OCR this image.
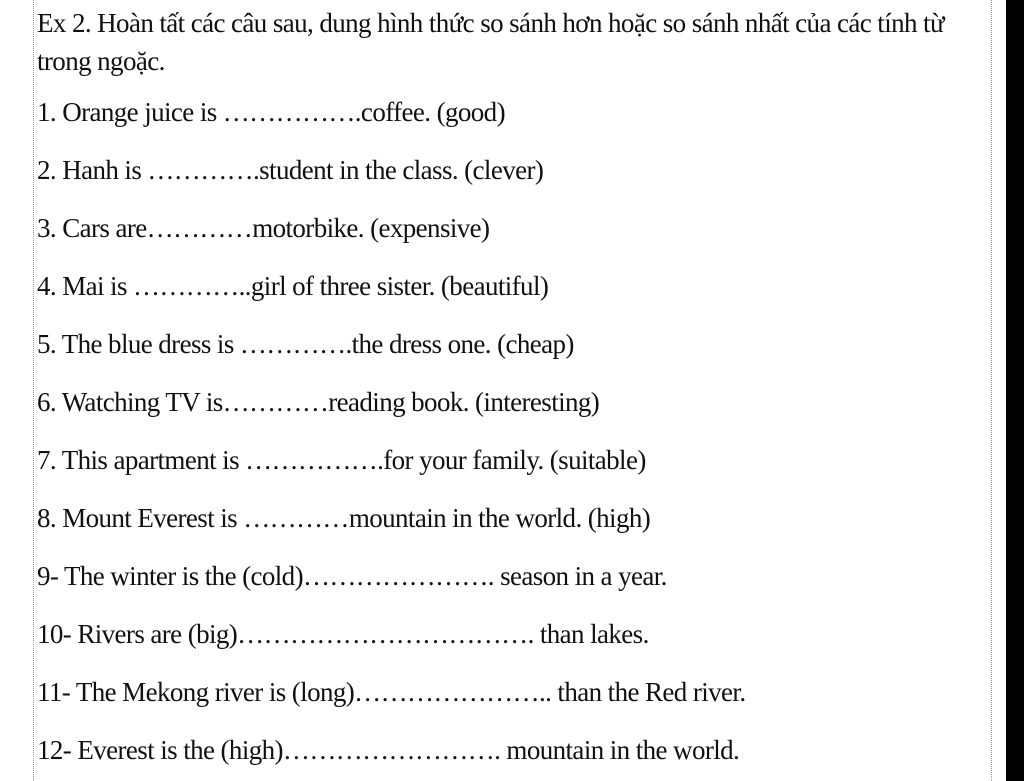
Ex 2. Hoàn tất các câu sau, dung hình thức so sánh hơn hoặc so sánh nhất của các tính từ trong ngoặc.

1. Orange juice is …………….coffee. (good)
2. Hanh is ………….student in the class. (clever)
3. Cars are…………motorbike. (expensive)
4. Mai is …………..girl of three sister. (beautiful)
5. The blue dress is ………….the dress one. (cheap)
6. Watching TV is…………reading book. (interesting)
7. This apartment is …………….for your family. (suitable)
8. Mount Everest is …………mountain in the world. (high)
9- The winter is the (cold)…………………. season in a year.
10- Rivers are (big)……………………………. than lakes.
11- The Mekong river is (long)………………….. than the Red river.
12- Everest is the (high)……………………. mountain in the world.
